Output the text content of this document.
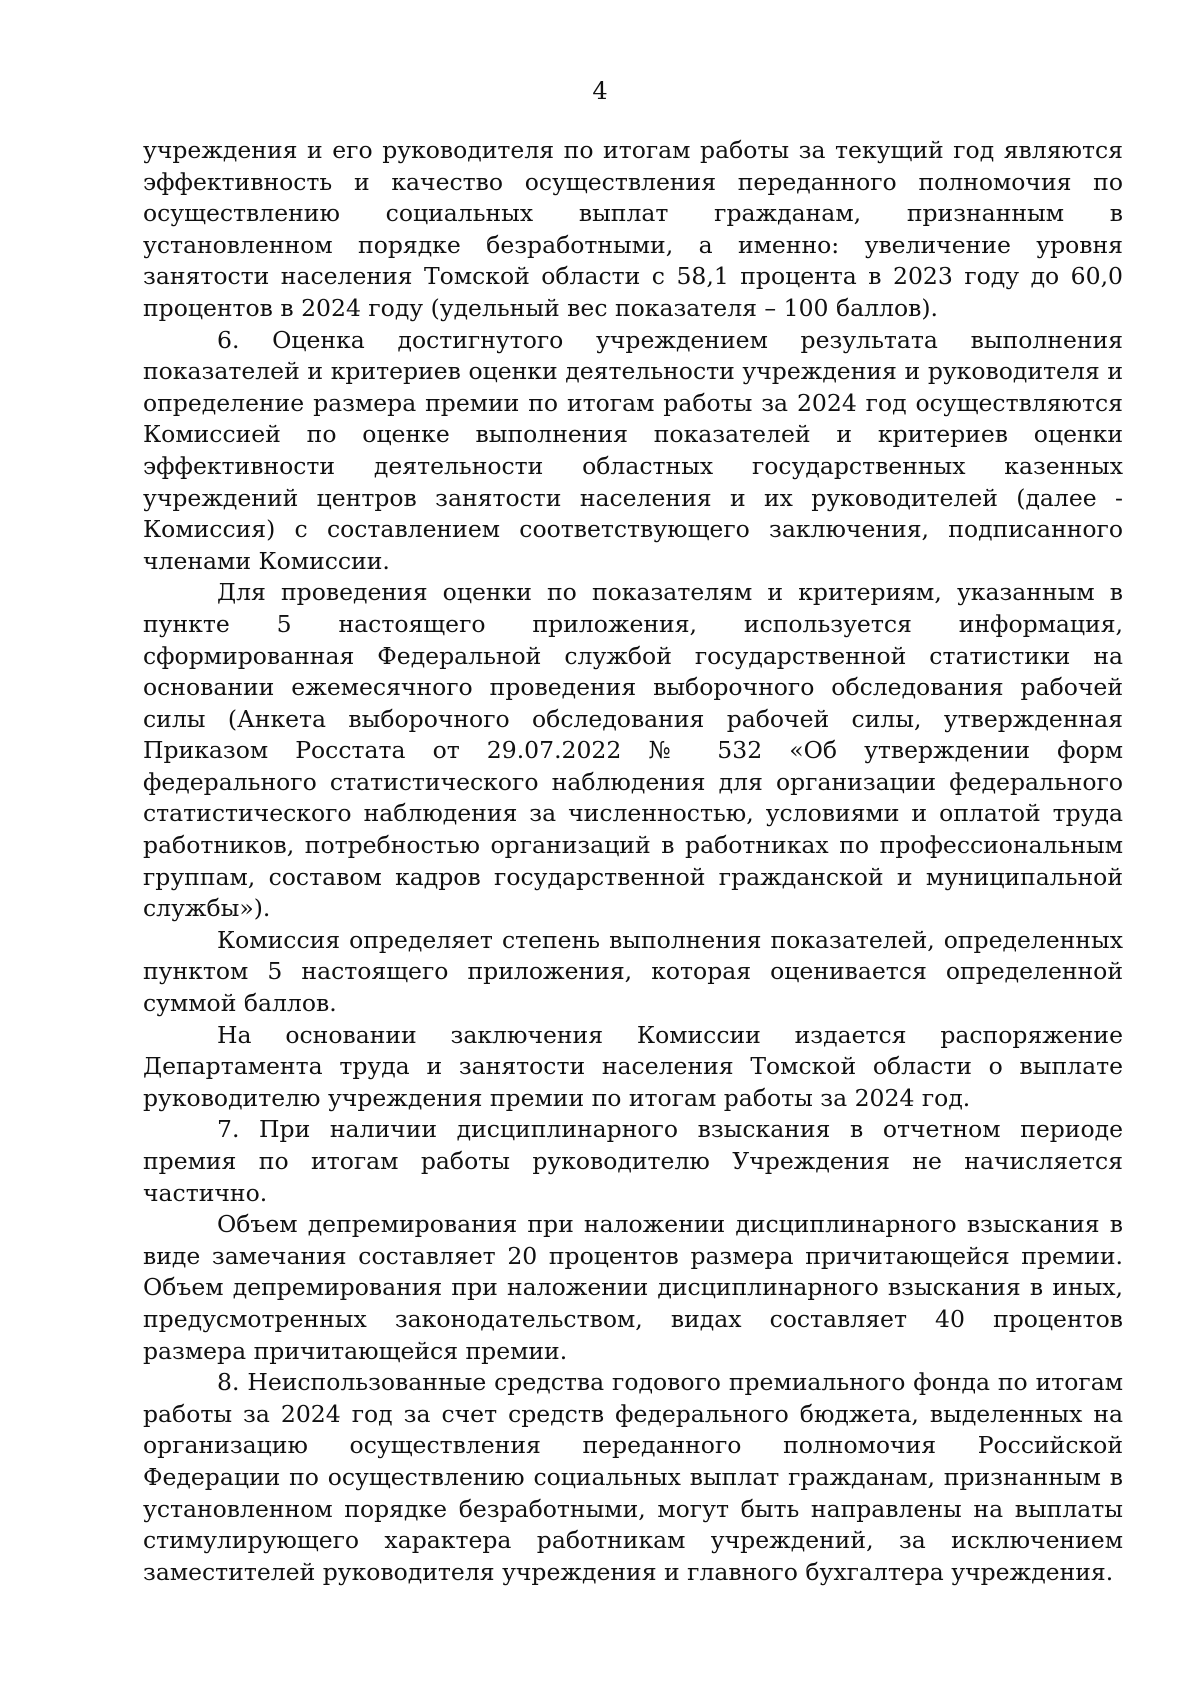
4

учреждения и его руководителя по итогам работы за текущий год являются эффективность и качество осуществления переданного полномочия по осуществлению социальных выплат гражданам, признанным в установленном порядке безработными, а именно: увеличение уровня занятости населения Томской области с 58,1 процента в 2023 году до 60,0 процентов в 2024 году (удельный вес показателя – 100 баллов).

6. Оценка достигнутого учреждением результата выполнения показателей и критериев оценки деятельности учреждения и руководителя и определение размера премии по итогам работы за 2024 год осуществляются Комиссией по оценке выполнения показателей и критериев оценки эффективности деятельности областных государственных казенных учреждений центров занятости населения и их руководителей (далее - Комиссия) с составлением соответствующего заключения, подписанного членами Комиссии.

Для проведения оценки по показателям и критериям, указанным в пункте 5 настоящего приложения, используется информация, сформированная Федеральной службой государственной статистики на основании ежемесячного проведения выборочного обследования рабочей силы (Анкета выборочного обследования рабочей силы, утвержденная Приказом Росстата от 29.07.2022 № 532 «Об утверждении форм федерального статистического наблюдения для организации федерального статистического наблюдения за численностью, условиями и оплатой труда работников, потребностью организаций в работниках по профессиональным группам, составом кадров государственной гражданской и муниципальной службы»).

Комиссия определяет степень выполнения показателей, определенных пунктом 5 настоящего приложения, которая оценивается определенной суммой баллов.

На основании заключения Комиссии издается распоряжение Департамента труда и занятости населения Томской области о выплате руководителю учреждения премии по итогам работы за 2024 год.

7. При наличии дисциплинарного взыскания в отчетном периоде премия по итогам работы руководителю Учреждения не начисляется частично.

Объем депремирования при наложении дисциплинарного взыскания в виде замечания составляет 20 процентов размера причитающейся премии. Объем депремирования при наложении дисциплинарного взыскания в иных, предусмотренных законодательством, видах составляет 40 процентов размера причитающейся премии.

8. Неиспользованные средства годового премиального фонда по итогам работы за 2024 год за счет средств федерального бюджета, выделенных на организацию осуществления переданного полномочия Российской Федерации по осуществлению социальных выплат гражданам, признанным в установленном порядке безработными, могут быть направлены на выплаты стимулирующего характера работникам учреждений, за исключением заместителей руководителя учреждения и главного бухгалтера учреждения.
